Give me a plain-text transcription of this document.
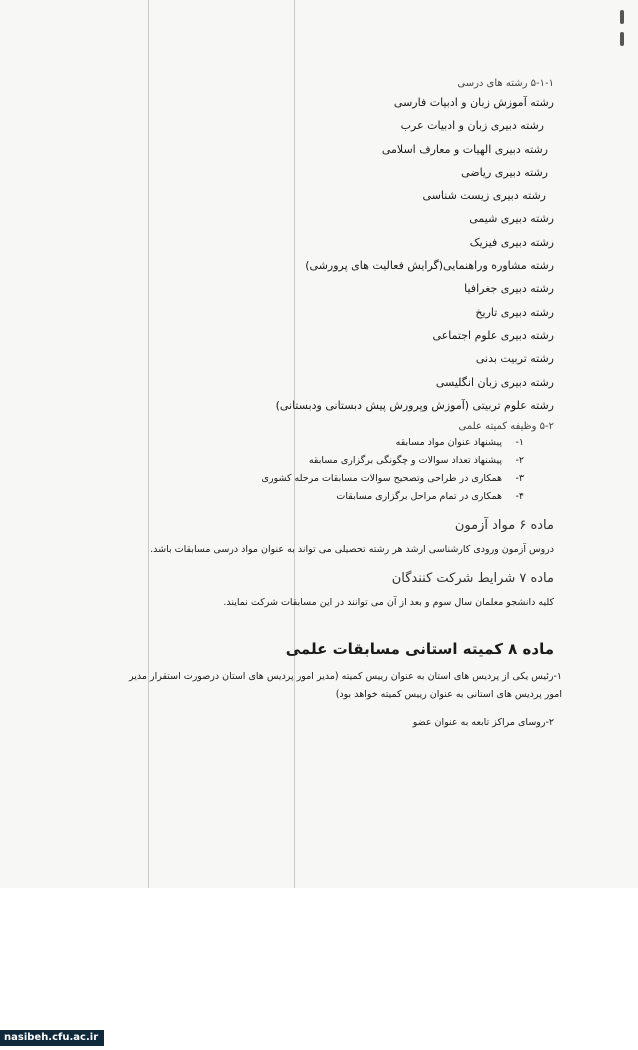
۵-۱-۱ رشته های درسی
رشته آموزش زبان و ادبیات فارسی
رشته دبیری زبان و ادبیات عرب
رشته دبیری الهیات و معارف اسلامی
رشته دبیری ریاضی
رشته دبیری زیست شناسی
رشته دبیری شیمی
رشته دبیری فیزیک
رشته مشاوره وراهنمایی(گرایش فعالیت های پرورشی)
رشته دبیری جغرافیا
رشته دبیری تاریخ
رشته دبیری علوم اجتماعی
رشته تربیت بدنی
رشته دبیری زبان انگلیسی
رشته علوم تربیتی (آموزش وپرورش پیش دبستانی ودبستانی)
۵-۲ وظیفه کمیته علمی
۱-پیشنهاد عنوان مواد مسابقه
۲-پیشنهاد تعداد سوالات و چگونگی برگزاری مسابقه
۳-همکاری در طراحی وتصحیح سوالات مسابقات مرحله کشوری
۴-همکاری در تمام مراحل برگزاری مسابقات
ماده ۶ مواد آزمون
دروس آزمون ورودی کارشناسی ارشد هر رشته تحصیلی می تواند به عنوان مواد درسی مسابقات باشد.
ماده ۷ شرایط شرکت کنندگان
کلیه دانشجو معلمان سال سوم و بعد از آن می توانند در این مسابقات شرکت نمایند.
ماده ۸ کمیته استانی مسابقات علمی
۱-رئیس یکی از پردیس های استان به عنوان رییس کمیته (مدیر امور پردیس های استان درصورت استقرار مدیر امور پردیس های استانی به عنوان رییس کمیته خواهد بود)
۲-روسای مراکز تابعه به عنوان عضو
nasibeh.cfu.ac.ir
